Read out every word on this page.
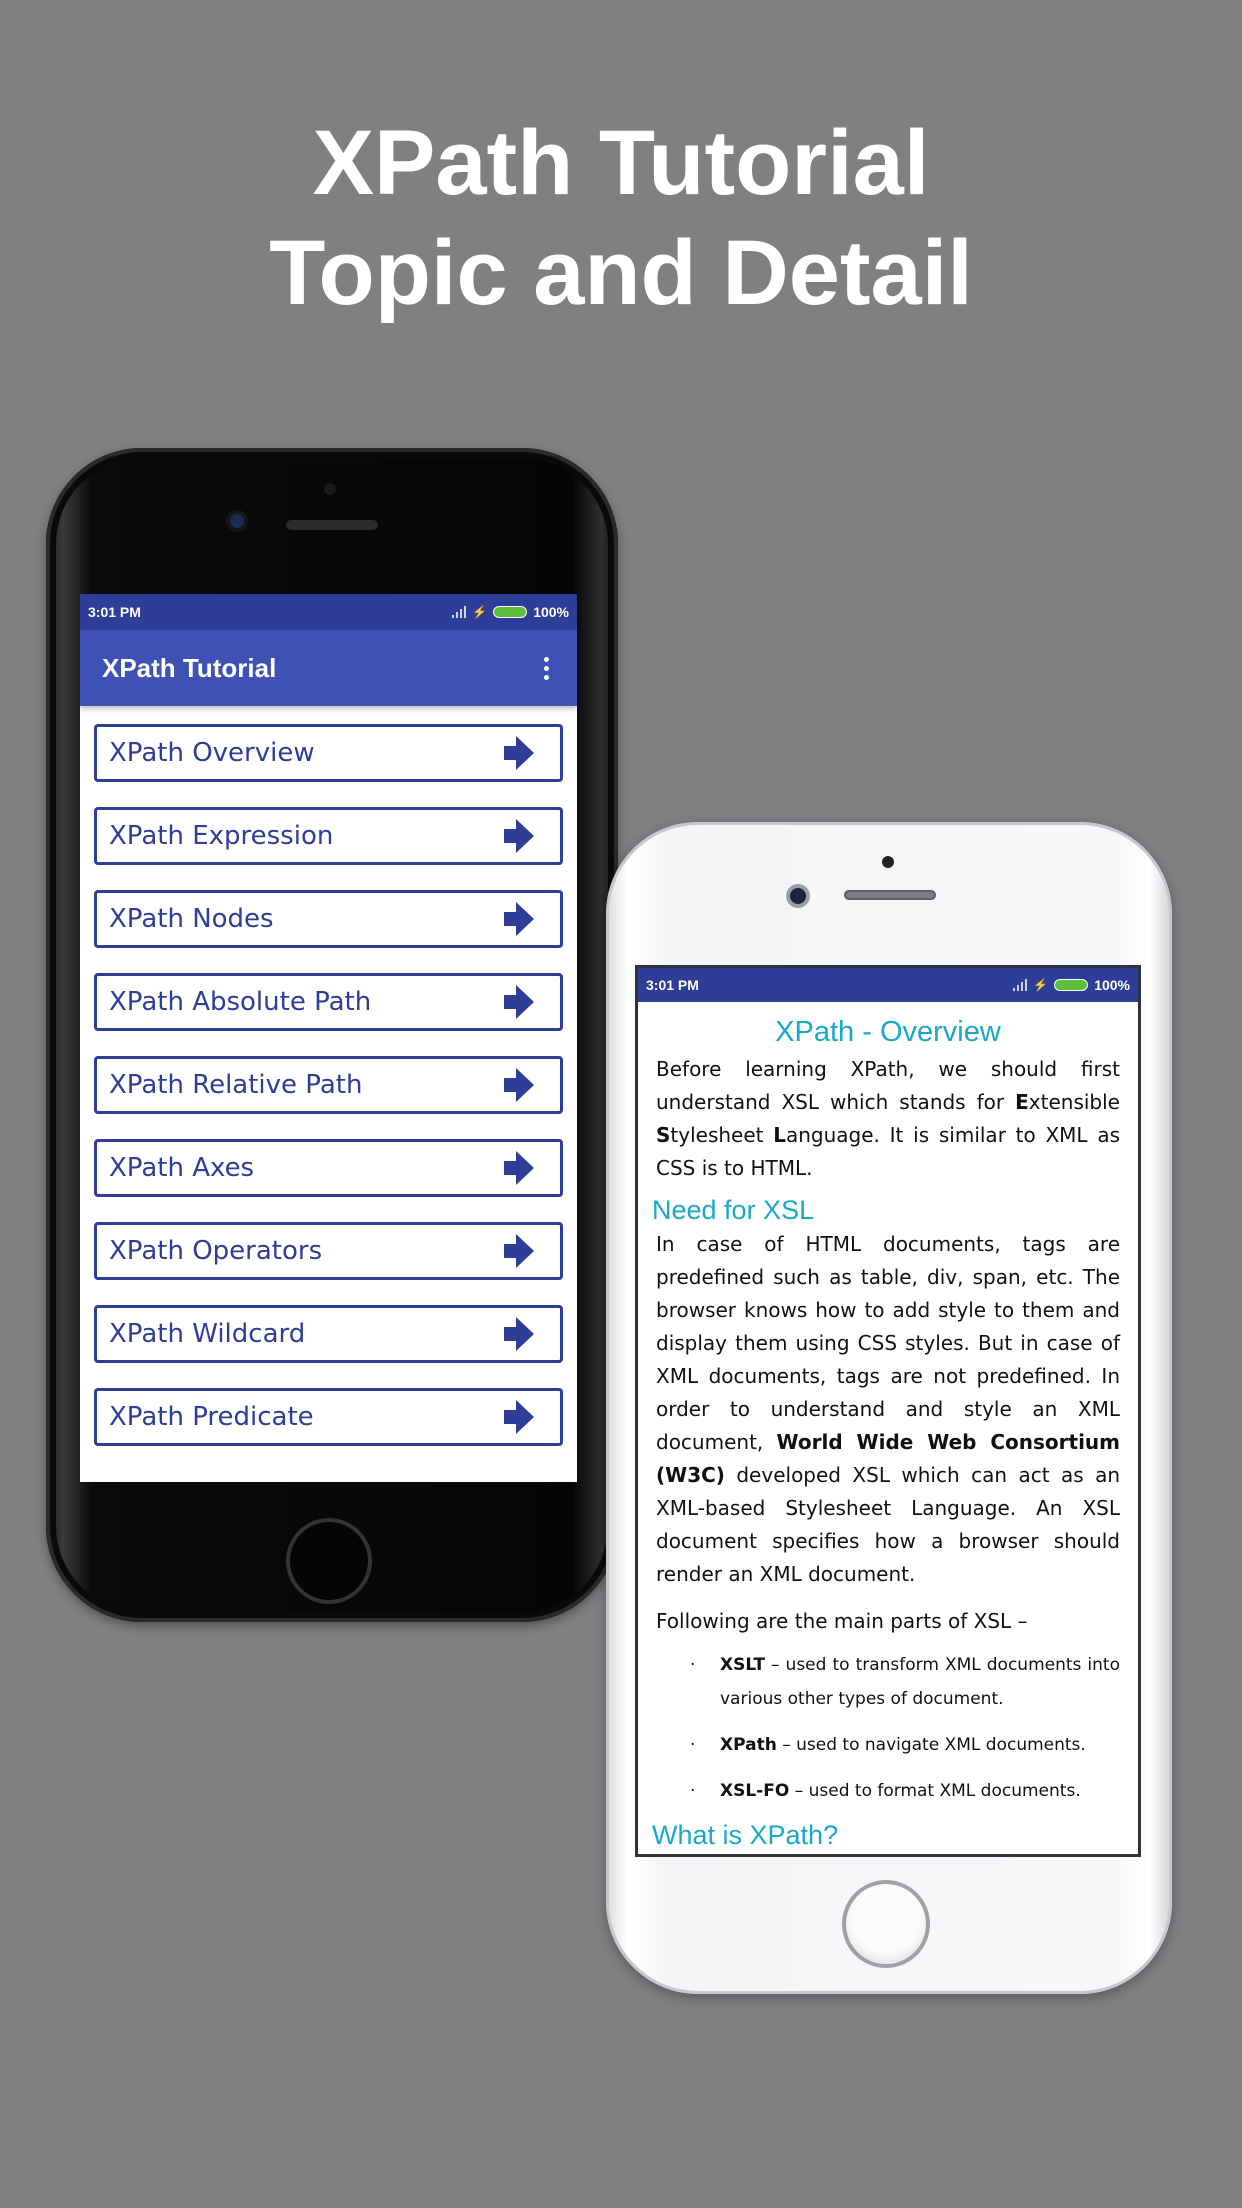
XPath Tutorial
Topic and Detail
3:01 PM	⚡	100%
XPath Tutorial
XPath Overview
XPath Expression
XPath Nodes
XPath Absolute Path
XPath Relative Path
XPath Axes
XPath Operators
XPath Wildcard
XPath Predicate
3:01 PM	⚡	100%
XPath - Overview

Before learning XPath, we should first understand XSL which stands for Extensible Stylesheet Language. It is similar to XML as CSS is to HTML.

Need for XSL

In case of HTML documents, tags are predefined such as table, div, span, etc. The browser knows how to add style to them and display them using CSS styles. But in case of XML documents, tags are not predefined. In order to understand and style an XML document, World Wide Web Consortium (W3C) developed XSL which can act as an XML-based Stylesheet Language. An XSL document specifies how a browser should render an XML document.

Following are the main parts of XSL –

·	XSLT – used to transform XML documents into various other types of document.
·	XPath – used to navigate XML documents.
·	XSL-FO – used to format XML documents.
What is XPath?
